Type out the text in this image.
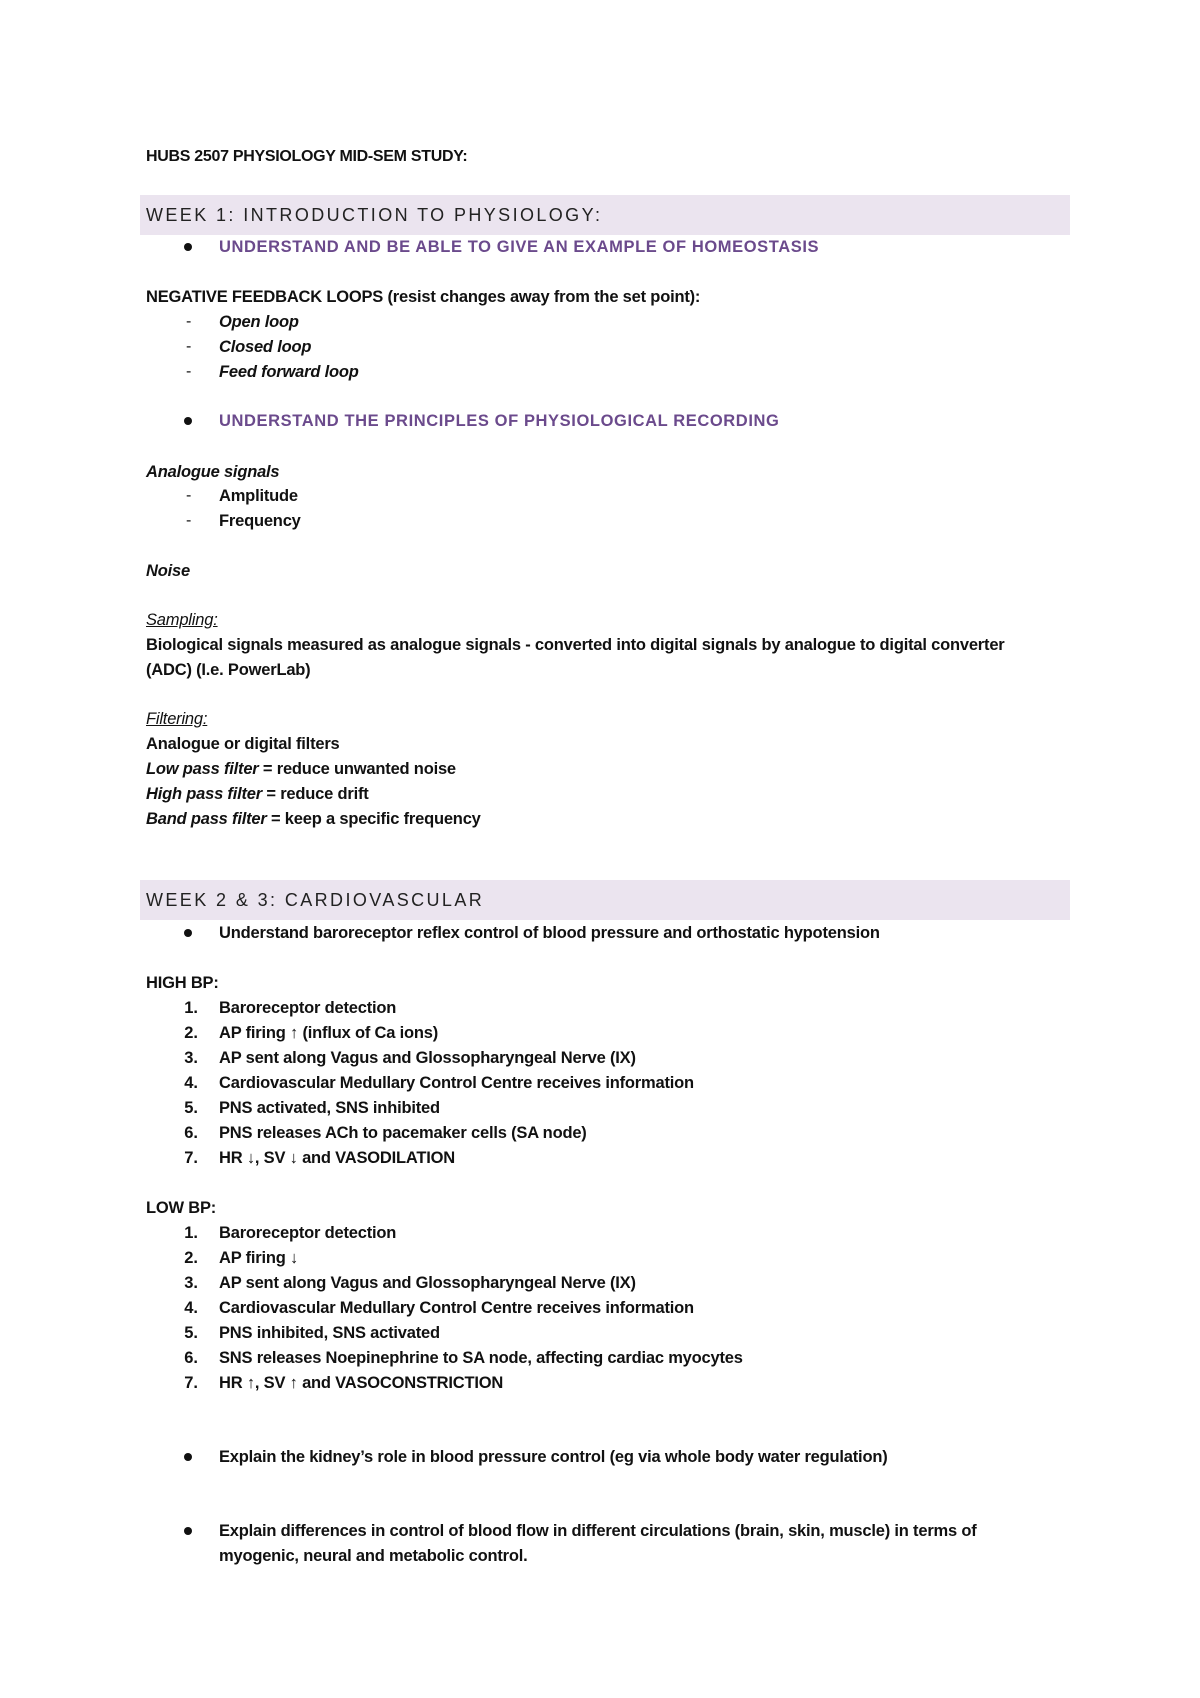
HUBS 2507 PHYSIOLOGY MID-SEM STUDY:
WEEK 1: INTRODUCTION TO PHYSIOLOGY:
UNDERSTAND AND BE ABLE TO GIVE AN EXAMPLE OF HOMEOSTASIS
NEGATIVE FEEDBACK LOOPS (resist changes away from the set point):
- Open loop
- Closed loop
- Feed forward loop
UNDERSTAND THE PRINCIPLES OF PHYSIOLOGICAL RECORDING
Analogue signals
- Amplitude
- Frequency
Noise
Sampling:
Biological signals measured as analogue signals - converted into digital signals by analogue to digital converter
(ADC) (I.e. PowerLab)
Filtering:
Analogue or digital filters
Low pass filter = reduce unwanted noise
High pass filter = reduce drift
Band pass filter = keep a specific frequency
WEEK 2 & 3: CARDIOVASCULAR
Understand baroreceptor reflex control of blood pressure and orthostatic hypotension
HIGH BP:
1. Baroreceptor detection
2. AP firing ↑ (influx of Ca ions)
3. AP sent along Vagus and Glossopharyngeal Nerve (IX)
4. Cardiovascular Medullary Control Centre receives information
5. PNS activated, SNS inhibited
6. PNS releases ACh to pacemaker cells (SA node)
7. HR ↓, SV ↓ and VASODILATION
LOW BP:
1. Baroreceptor detection
2. AP firing ↓
3. AP sent along Vagus and Glossopharyngeal Nerve (IX)
4. Cardiovascular Medullary Control Centre receives information
5. PNS inhibited, SNS activated
6. SNS releases Noepinephrine to SA node, affecting cardiac myocytes
7. HR ↑, SV ↑ and VASOCONSTRICTION
Explain the kidney’s role in blood pressure control (eg via whole body water regulation)
Explain differences in control of blood flow in different circulations (brain, skin, muscle) in terms of
myogenic, neural and metabolic control.
